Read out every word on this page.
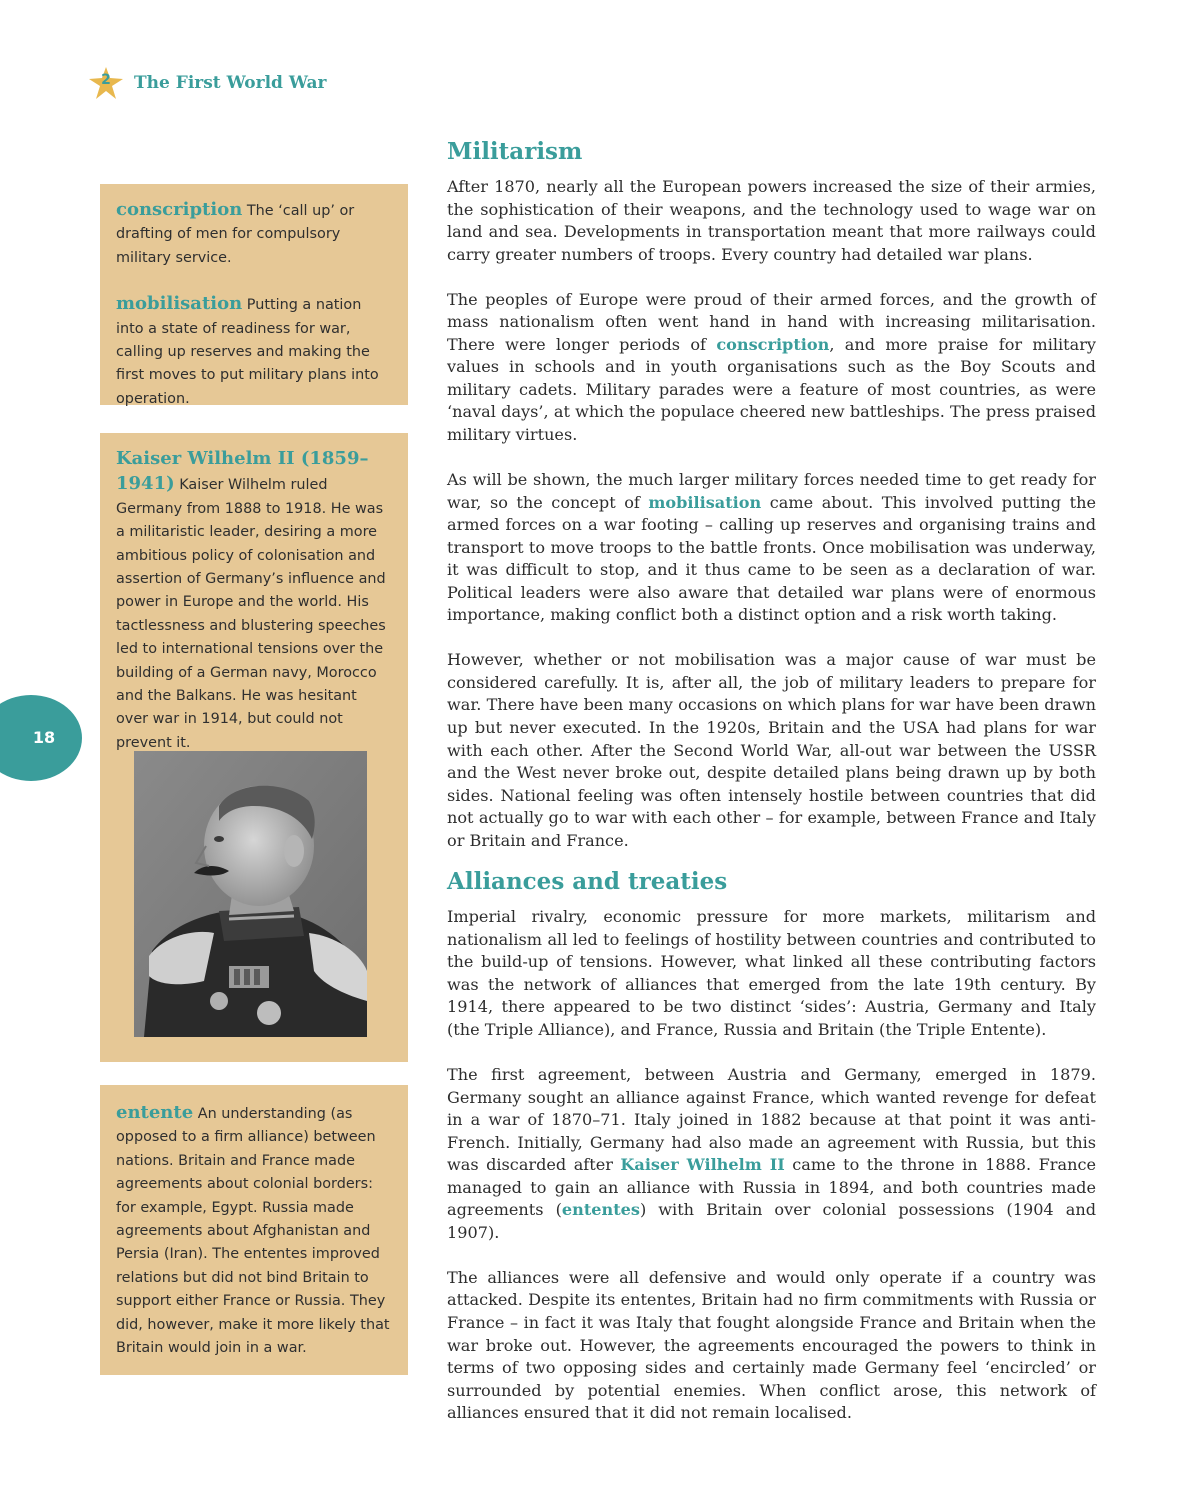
2	The First World War
18

conscription The ‘call up’ or drafting of men for compulsory military service.

mobilisation Putting a nation into a state of readiness for war, calling up reserves and making the first moves to put military plans into operation.

Kaiser Wilhelm II (1859–1941) Kaiser Wilhelm ruled Germany from 1888 to 1918. He was a militaristic leader, desiring a more ambitious policy of colonisation and assertion of Germany’s influence and power in Europe and the world. His tactlessness and blustering speeches led to international tensions over the building of a German navy, Morocco and the Balkans. He was hesitant over war in 1914, but could not prevent it.

entente An understanding (as opposed to a firm alliance) between nations. Britain and France made agreements about colonial borders: for example, Egypt. Russia made agreements about Afghanistan and Persia (Iran). The ententes improved relations but did not bind Britain to support either France or Russia. They did, however, make it more likely that Britain would join in a war.

Militarism

After 1870, nearly all the European powers increased the size of their armies, the sophistication of their weapons, and the technology used to wage war on land and sea. Developments in transportation meant that more railways could carry greater numbers of troops. Every country had detailed war plans.

The peoples of Europe were proud of their armed forces, and the growth of mass nationalism often went hand in hand with increasing militarisation. There were longer periods of conscription, and more praise for military values in schools and in youth organisations such as the Boy Scouts and military cadets. Military parades were a feature of most countries, as were ‘naval days’, at which the populace cheered new battleships. The press praised military virtues.

As will be shown, the much larger military forces needed time to get ready for war, so the concept of mobilisation came about. This involved putting the armed forces on a war footing – calling up reserves and organising trains and transport to move troops to the battle fronts. Once mobilisation was underway, it was difficult to stop, and it thus came to be seen as a declaration of war. Political leaders were also aware that detailed war plans were of enormous importance, making conflict both a distinct option and a risk worth taking.

However, whether or not mobilisation was a major cause of war must be considered carefully. It is, after all, the job of military leaders to prepare for war. There have been many occasions on which plans for war have been drawn up but never executed. In the 1920s, Britain and the USA had plans for war with each other. After the Second World War, all-out war between the USSR and the West never broke out, despite detailed plans being drawn up by both sides. National feeling was often intensely hostile between countries that did not actually go to war with each other – for example, between France and Italy or Britain and France.

Alliances and treaties

Imperial rivalry, economic pressure for more markets, militarism and nationalism all led to feelings of hostility between countries and contributed to the build-up of tensions. However, what linked all these contributing factors was the network of alliances that emerged from the late 19th century. By 1914, there appeared to be two distinct ‘sides’: Austria, Germany and Italy (the Triple Alliance), and France, Russia and Britain (the Triple Entente).

The first agreement, between Austria and Germany, emerged in 1879. Germany sought an alliance against France, which wanted revenge for defeat in a war of 1870–71. Italy joined in 1882 because at that point it was anti-French. Initially, Germany had also made an agreement with Russia, but this was discarded after Kaiser Wilhelm II came to the throne in 1888. France managed to gain an alliance with Russia in 1894, and both countries made agreements (ententes) with Britain over colonial possessions (1904 and 1907).

The alliances were all defensive and would only operate if a country was attacked. Despite its ententes, Britain had no firm commitments with Russia or France – in fact it was Italy that fought alongside France and Britain when the war broke out. However, the agreements encouraged the powers to think in terms of two opposing sides and certainly made Germany feel ‘encircled’ or surrounded by potential enemies. When conflict arose, this network of alliances ensured that it did not remain localised.
